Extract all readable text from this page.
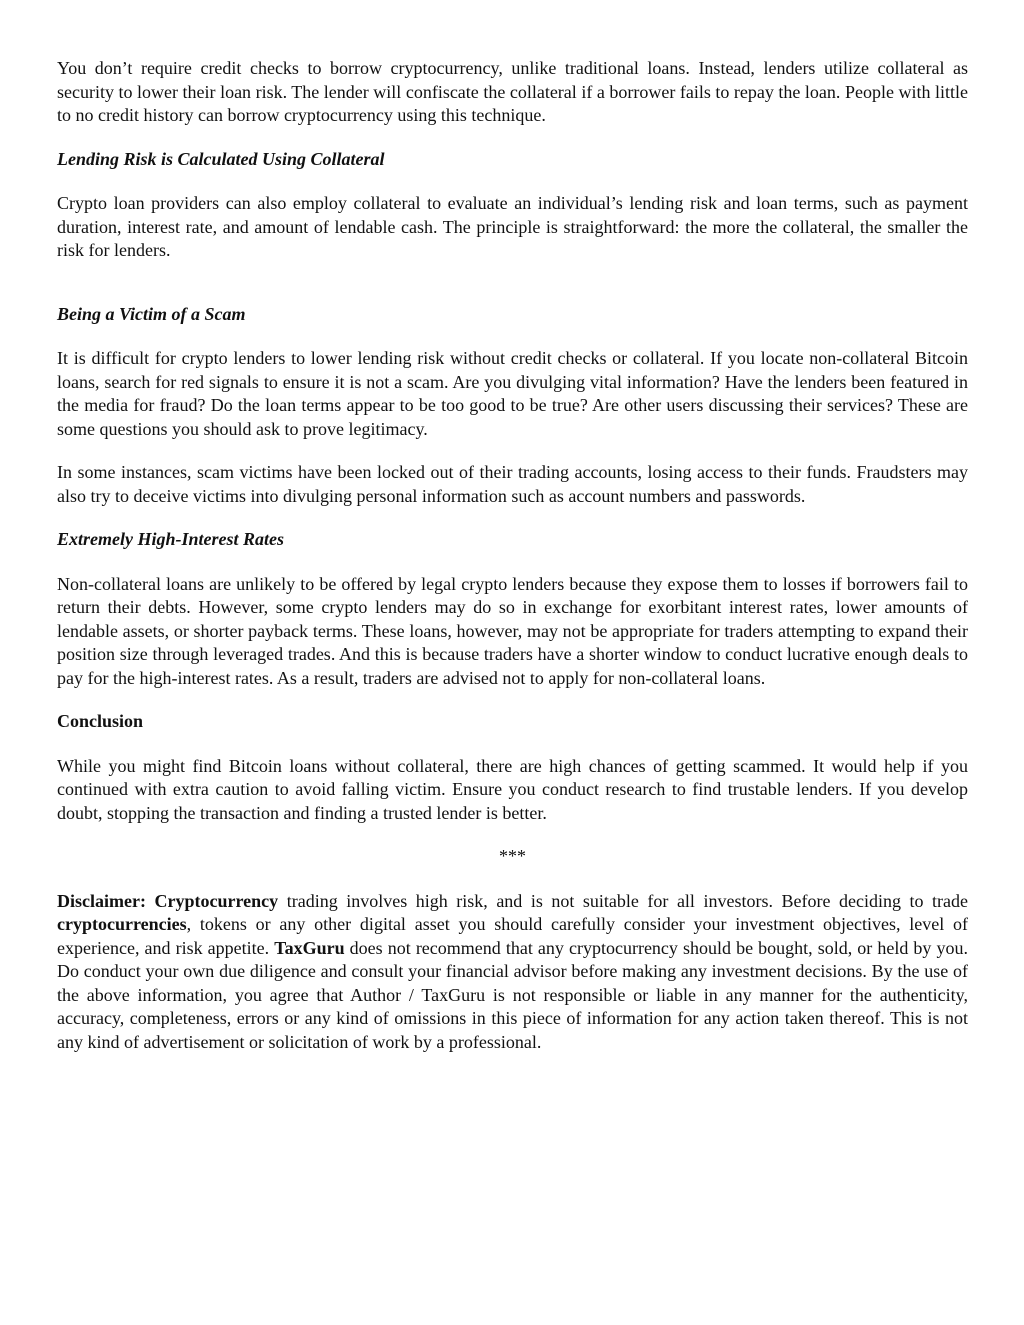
You don’t require credit checks to borrow cryptocurrency, unlike traditional loans. Instead, lenders utilize collateral as security to lower their loan risk. The lender will confiscate the collateral if a borrower fails to repay the loan. People with little to no credit history can borrow cryptocurrency using this technique.

Lending Risk is Calculated Using Collateral

Crypto loan providers can also employ collateral to evaluate an individual’s lending risk and loan terms, such as payment duration, interest rate, and amount of lendable cash. The principle is straightforward: the more the collateral, the smaller the risk for lenders.

Being a Victim of a Scam

It is difficult for crypto lenders to lower lending risk without credit checks or collateral. If you locate non-collateral Bitcoin loans, search for red signals to ensure it is not a scam. Are you divulging vital information? Have the lenders been featured in the media for fraud? Do the loan terms appear to be too good to be true? Are other users discussing their services? These are some questions you should ask to prove legitimacy.

In some instances, scam victims have been locked out of their trading accounts, losing access to their funds. Fraudsters may also try to deceive victims into divulging personal information such as account numbers and passwords.

Extremely High-Interest Rates

Non-collateral loans are unlikely to be offered by legal crypto lenders because they expose them to losses if borrowers fail to return their debts. However, some crypto lenders may do so in exchange for exorbitant interest rates, lower amounts of lendable assets, or shorter payback terms. These loans, however, may not be appropriate for traders attempting to expand their position size through leveraged trades. And this is because traders have a shorter window to conduct lucrative enough deals to pay for the high-interest rates. As a result, traders are advised not to apply for non-collateral loans.

Conclusion

While you might find Bitcoin loans without collateral, there are high chances of getting scammed. It would help if you continued with extra caution to avoid falling victim. Ensure you conduct research to find trustable lenders. If you develop doubt, stopping the transaction and finding a trusted lender is better.

***

Disclaimer: Cryptocurrency trading involves high risk, and is not suitable for all investors. Before deciding to trade cryptocurrencies, tokens or any other digital asset you should carefully consider your investment objectives, level of experience, and risk appetite. TaxGuru does not recommend that any cryptocurrency should be bought, sold, or held by you. Do conduct your own due diligence and consult your financial advisor before making any investment decisions. By the use of the above information, you agree that Author / TaxGuru is not responsible or liable in any manner for the authenticity, accuracy, completeness, errors or any kind of omissions in this piece of information for any action taken thereof. This is not any kind of advertisement or solicitation of work by a professional.
